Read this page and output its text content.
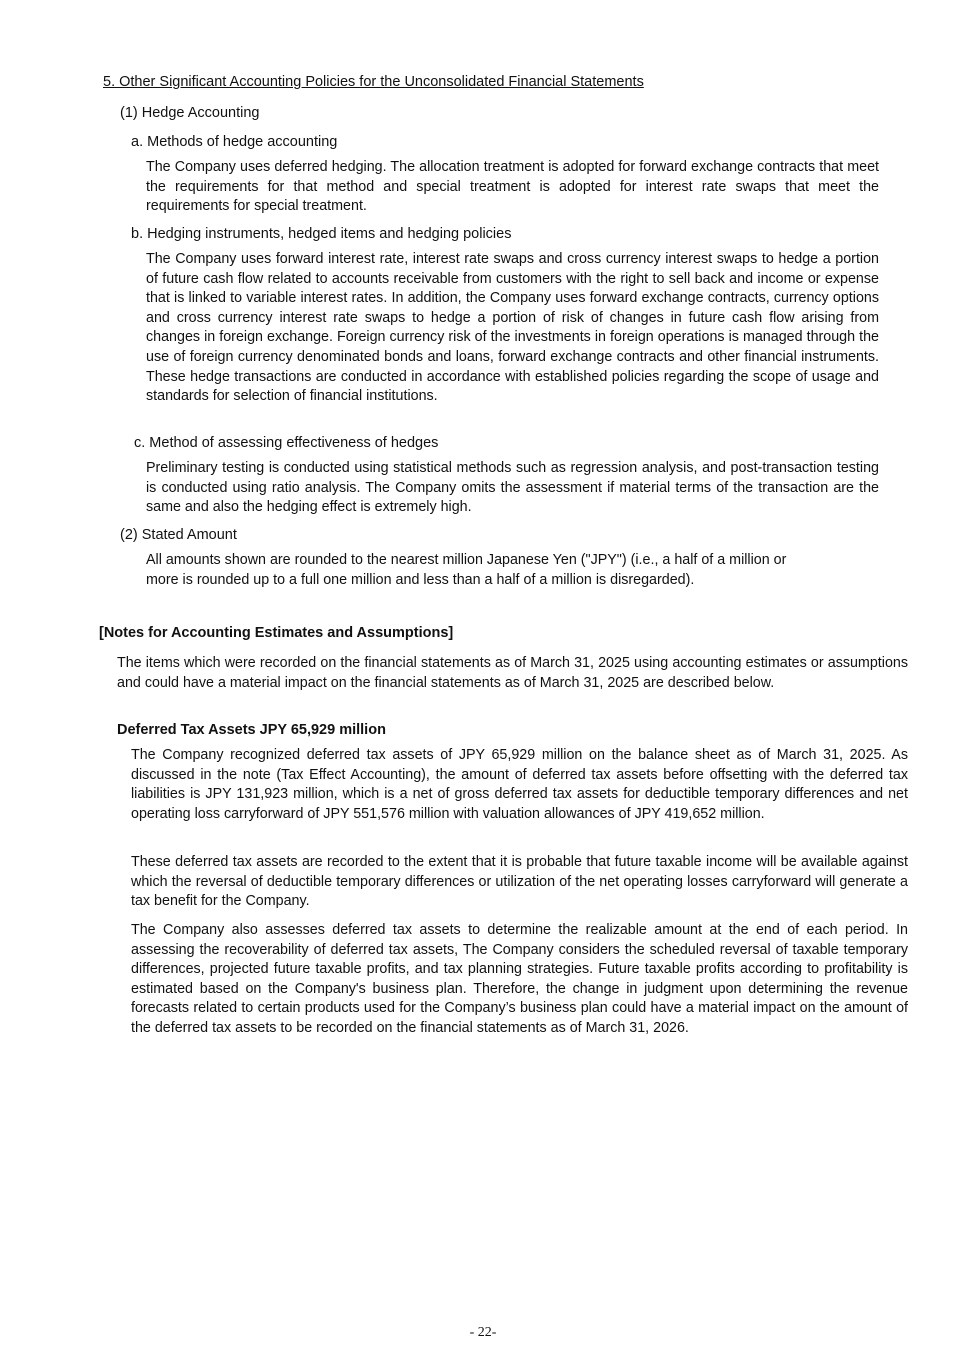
5. Other Significant Accounting Policies for the Unconsolidated Financial Statements
(1) Hedge Accounting
a. Methods of hedge accounting
The Company uses deferred hedging. The allocation treatment is adopted for forward exchange contracts that meet the requirements for that method and special treatment is adopted for interest rate swaps that meet the requirements for special treatment.
b. Hedging instruments, hedged items and hedging policies
The Company uses forward interest rate, interest rate swaps and cross currency interest swaps to hedge a portion of future cash flow related to accounts receivable from customers with the right to sell back and income or expense that is linked to variable interest rates. In addition, the Company uses forward exchange contracts, currency options and cross currency interest rate swaps to hedge a portion of risk of changes in future cash flow arising from changes in foreign exchange. Foreign currency risk of the investments in foreign operations is managed through the use of foreign currency denominated bonds and loans, forward exchange contracts and other financial instruments. These hedge transactions are conducted in accordance with established policies regarding the scope of usage and standards for selection of financial institutions.
c. Method of assessing effectiveness of hedges
Preliminary testing is conducted using statistical methods such as regression analysis, and post-transaction testing is conducted using ratio analysis. The Company omits the assessment if material terms of the transaction are the same and also the hedging effect is extremely high.
(2) Stated Amount
All amounts shown are rounded to the nearest million Japanese Yen ("JPY") (i.e., a half of a million or
more is rounded up to a full one million and less than a half of a million is disregarded).
[Notes for Accounting Estimates and Assumptions]
The items which were recorded on the financial statements as of March 31, 2025 using accounting estimates or assumptions and could have a material impact on the financial statements as of March 31, 2025 are described below.
Deferred Tax Assets JPY 65,929 million
The Company recognized deferred tax assets of JPY 65,929 million on the balance sheet as of March 31, 2025. As discussed in the note (Tax Effect Accounting), the amount of deferred tax assets before offsetting with the deferred tax liabilities is JPY 131,923 million, which is a net of gross deferred tax assets for deductible temporary differences and net operating loss carryforward of JPY 551,576 million with valuation allowances of JPY 419,652 million.
These deferred tax assets are recorded to the extent that it is probable that future taxable income will be available against which the reversal of deductible temporary differences or utilization of the net operating losses carryforward will generate a tax benefit for the Company.
The Company also assesses deferred tax assets to determine the realizable amount at the end of each period. In assessing the recoverability of deferred tax assets, The Company considers the scheduled reversal of taxable temporary differences, projected future taxable profits, and tax planning strategies. Future taxable profits according to profitability is estimated based on the Company's business plan. Therefore, the change in judgment upon determining the revenue forecasts related to certain products used for the Company’s business plan could have a material impact on the amount of the deferred tax assets to be recorded on the financial statements as of March 31, 2026.
- 22-
